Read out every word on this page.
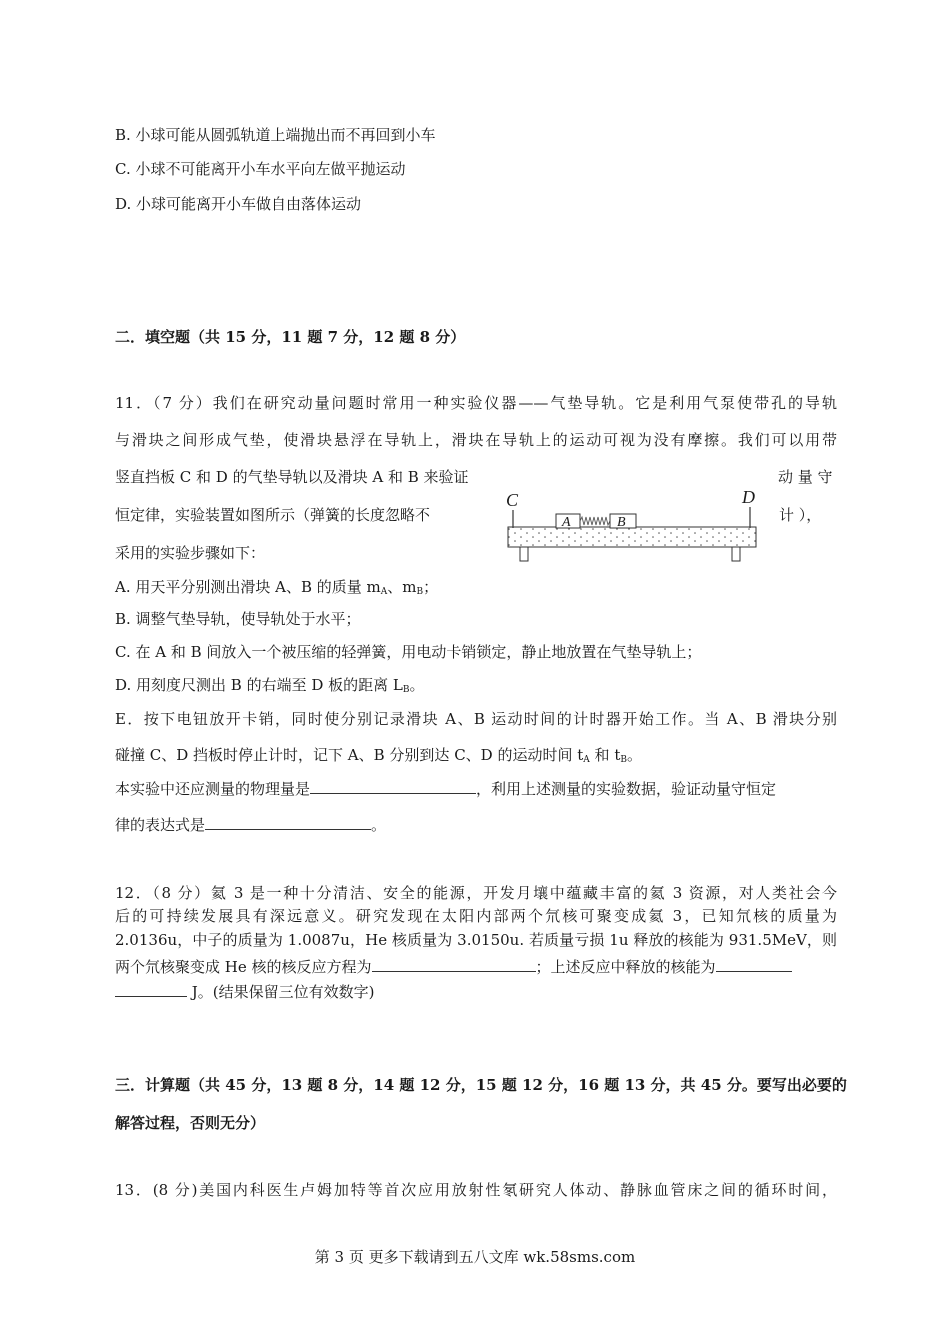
B. 小球可能从圆弧轨道上端抛出而不再回到小车
C. 小球不可能离开小车水平向左做平抛运动
D. 小球可能离开小车做自由落体运动
二．填空题（共 15 分，11 题 7 分，12 题 8 分）
11．（7 分）我们在研究动量问题时常用一种实验仪器——气垫导轨。它是利用气泵使带孔的导轨
与滑块之间形成气垫，使滑块悬浮在导轨上，滑块在导轨上的运动可视为没有摩擦。我们可以用带
竖直挡板 C 和 D 的气垫导轨以及滑块 A 和 B 来验证	动 量 守
恒定律，实验装置如图所示（弹簧的长度忽略不	计 ），
采用的实验步骤如下：
C	D
A	B
A. 用天平分别测出滑块 A、B 的质量 $m_A$、$m_B$；
B. 调整气垫导轨，使导轨处于水平；
C. 在 A 和 B 间放入一个被压缩的轻弹簧，用电动卡销锁定，静止地放置在气垫导轨上；
D. 用刻度尺测出 B 的右端至 D 板的距离 $L_B$。
E．按下电钮放开卡销，同时使分别记录滑块 A、B 运动时间的计时器开始工作。当 A、B 滑块分别
碰撞 C、D 挡板时停止计时，记下 A、B 分别到达 C、D 的运动时间 $t_A$ 和 $t_B$。
本实验中还应测量的物理量是	，利用上述测量的实验数据，验证动量守恒定
律的表达式是	。
12．（8 分）氦 3 是一种十分清洁、安全的能源，开发月壤中蕴藏丰富的氦 3 资源，对人类社会今
后的可持续发展具有深远意义。研究发现在太阳内部两个氘核可聚变成氦 3，已知氘核的质量为
2.0136u，中子的质量为 1.0087u，He 核质量为 3.0150u. 若质量亏损 1u 释放的核能为 931.5MeV，则
两个氘核聚变成 He 核的核反应方程为	；上述反应中释放的核能为
J。(结果保留三位有效数字)
三．计算题（共 45 分，13 题 8 分，14 题 12 分，15 题 12 分，16 题 13 分，共 45 分。要写出必要的
解答过程，否则无分）
13．(8 分)美国内科医生卢姆加特等首次应用放射性氡研究人体动、静脉血管床之间的循环时间，
第 3 页 更多下载请到五八文库 wk.58sms.com
